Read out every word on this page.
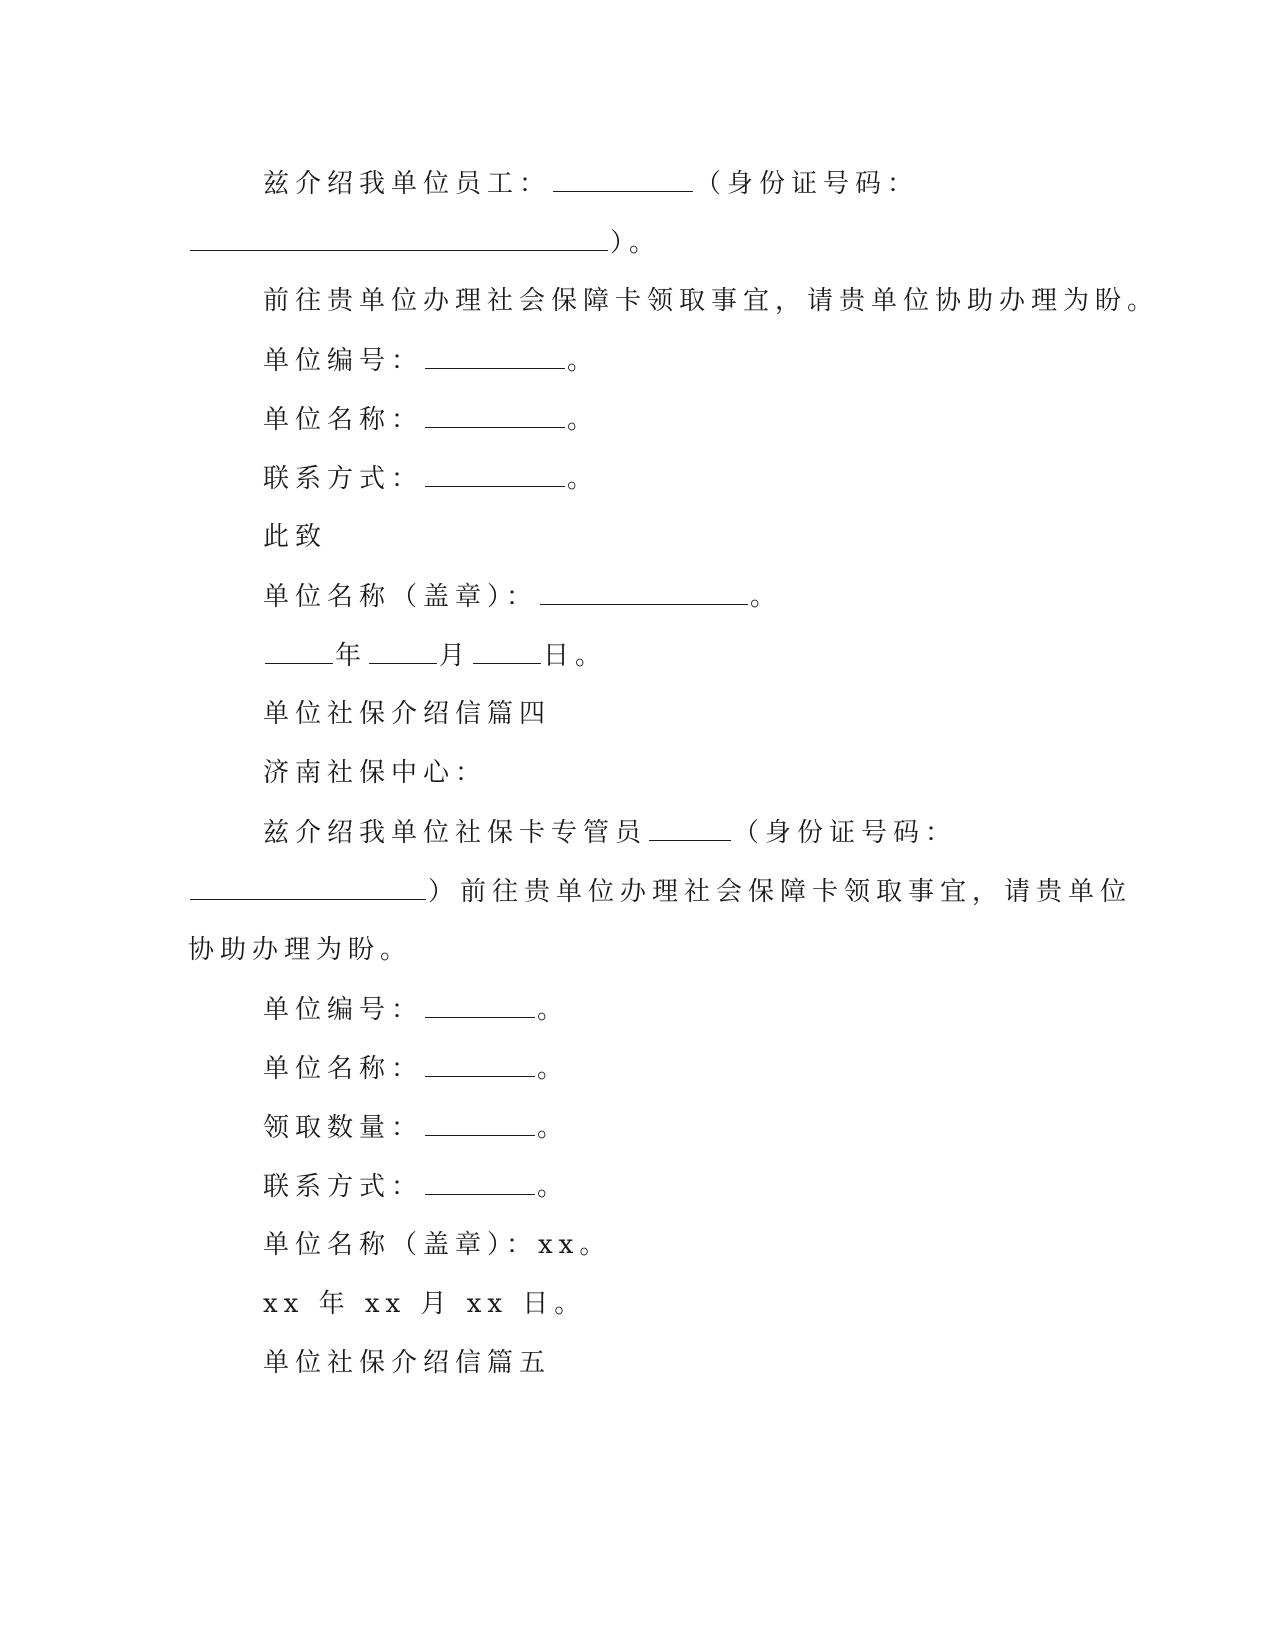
兹介绍我单位员工：	（身份证号码：
）。
前往贵单位办理社会保障卡领取事宜，请贵单位协助办理为盼。
单位编号：	。
单位名称：	。
联系方式：	。
此致
单位名称（盖章）：	。
年	月	日。
单位社保介绍信篇四
济南社保中心：
兹介绍我单位社保卡专管员	（身份证号码：
）前往贵单位办理社会保障卡领取事宜，请贵单位
协助办理为盼。
单位编号：	。
单位名称：	。
领取数量：	。
联系方式：	。
单位名称（盖章）：xx。
xx 年 xx 月 xx 日。
单位社保介绍信篇五
